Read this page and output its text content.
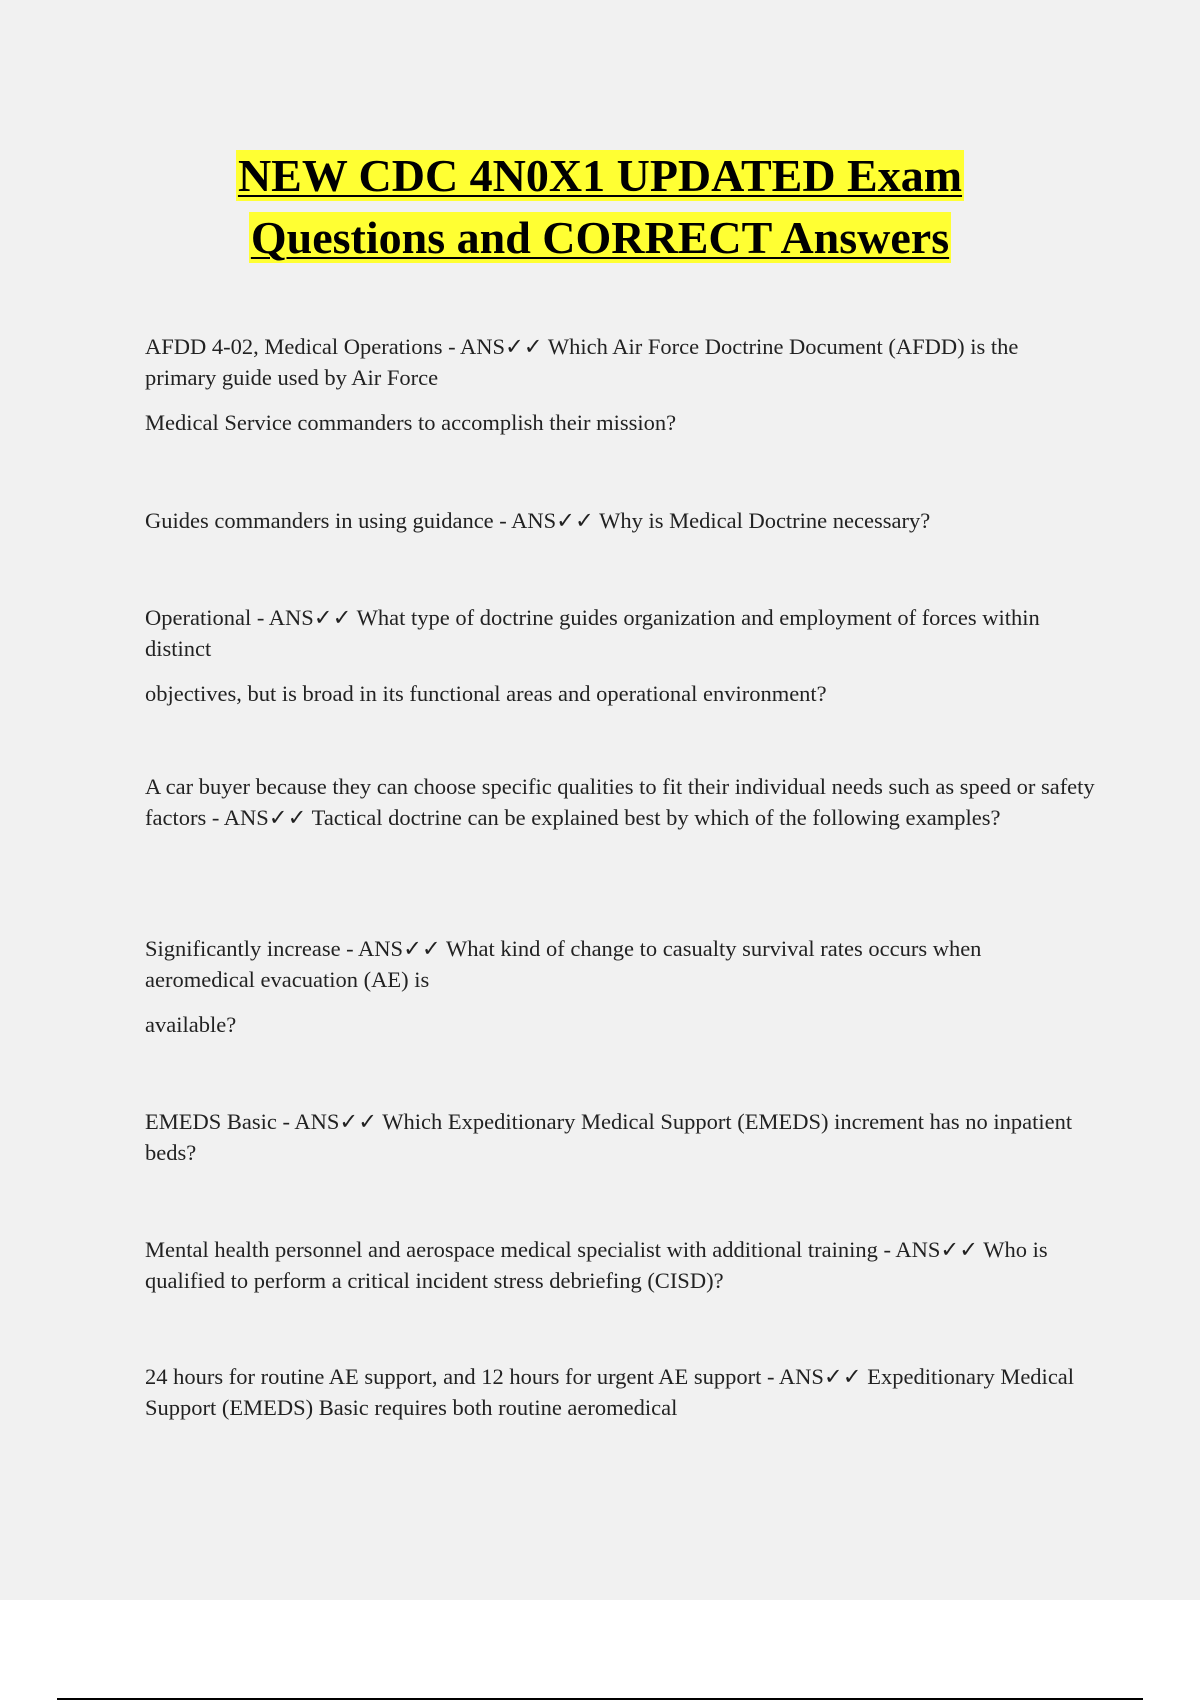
NEW CDC 4N0X1 UPDATED Exam
Questions and CORRECT Answers

AFDD 4-02, Medical Operations - ANS✓✓ Which Air Force Doctrine Document (AFDD) is the primary guide used by Air Force

Medical Service commanders to accomplish their mission?

Guides commanders in using guidance - ANS✓✓ Why is Medical Doctrine necessary?

Operational - ANS✓✓ What type of doctrine guides organization and employment of forces within distinct

objectives, but is broad in its functional areas and operational environment?

A car buyer because they can choose specific qualities to fit their individual needs such as speed or safety factors - ANS✓✓ Tactical doctrine can be explained best by which of the following examples?

Significantly increase - ANS✓✓ What kind of change to casualty survival rates occurs when aeromedical evacuation (AE) is

available?

EMEDS Basic - ANS✓✓ Which Expeditionary Medical Support (EMEDS) increment has no inpatient beds?

Mental health personnel and aerospace medical specialist with additional training - ANS✓✓ Who is qualified to perform a critical incident stress debriefing (CISD)?

24 hours for routine AE support, and 12 hours for urgent AE support - ANS✓✓ Expeditionary Medical Support (EMEDS) Basic requires both routine aeromedical
